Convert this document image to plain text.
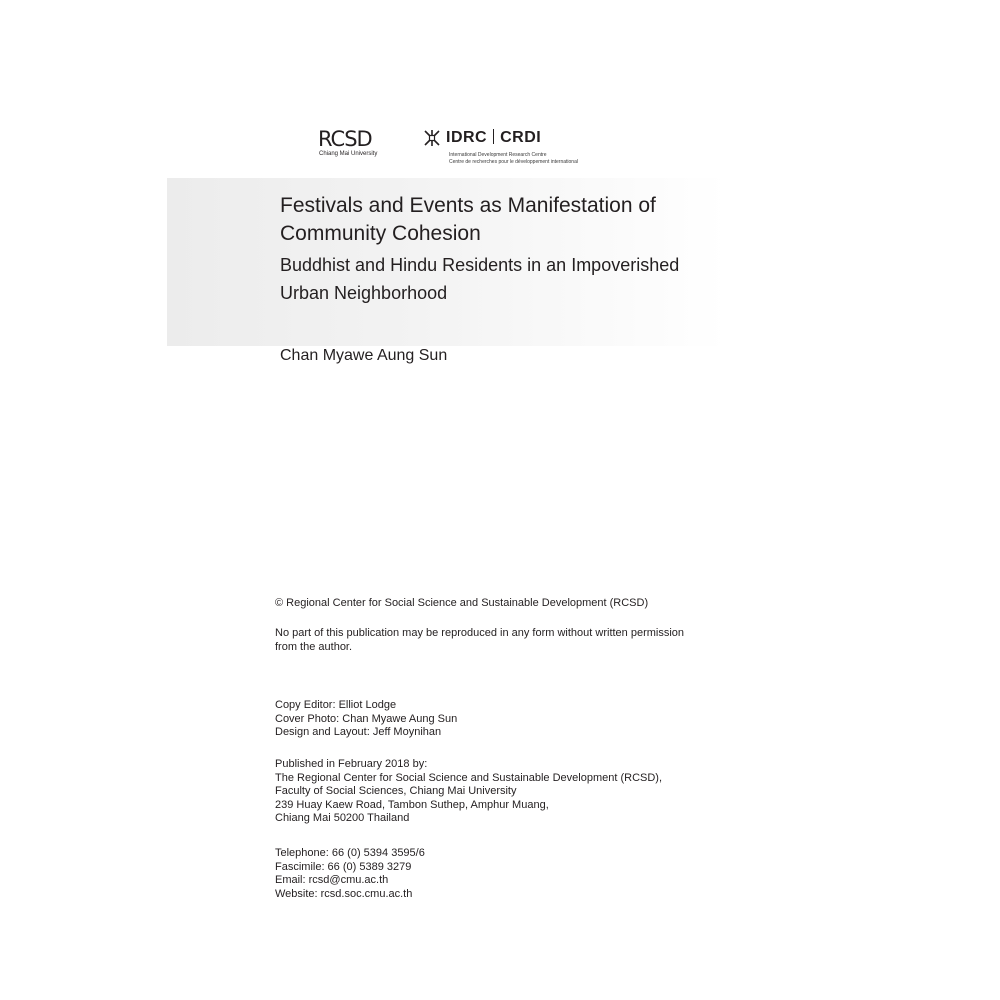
RCSD
Chiang Mai University
IDRC CRDI
International Development Research Centre
Centre de recherches pour le développement international
Festivals and Events as Manifestation of
Community Cohesion
Buddhist and Hindu Residents in an Impoverished
Urban Neighborhood
Chan Myawe Aung Sun
© Regional Center for Social Science and Sustainable Development (RCSD)
No part of this publication may be reproduced in any form without written permission
from the author.
Copy Editor: Elliot Lodge
Cover Photo: Chan Myawe Aung Sun
Design and Layout: Jeff Moynihan
Published in February 2018 by:
The Regional Center for Social Science and Sustainable Development (RCSD),
Faculty of Social Sciences, Chiang Mai University
239 Huay Kaew Road, Tambon Suthep, Amphur Muang,
Chiang Mai 50200 Thailand
Telephone: 66 (0) 5394 3595/6
Fascimile: 66 (0) 5389 3279
Email: rcsd@cmu.ac.th
Website: rcsd.soc.cmu.ac.th
